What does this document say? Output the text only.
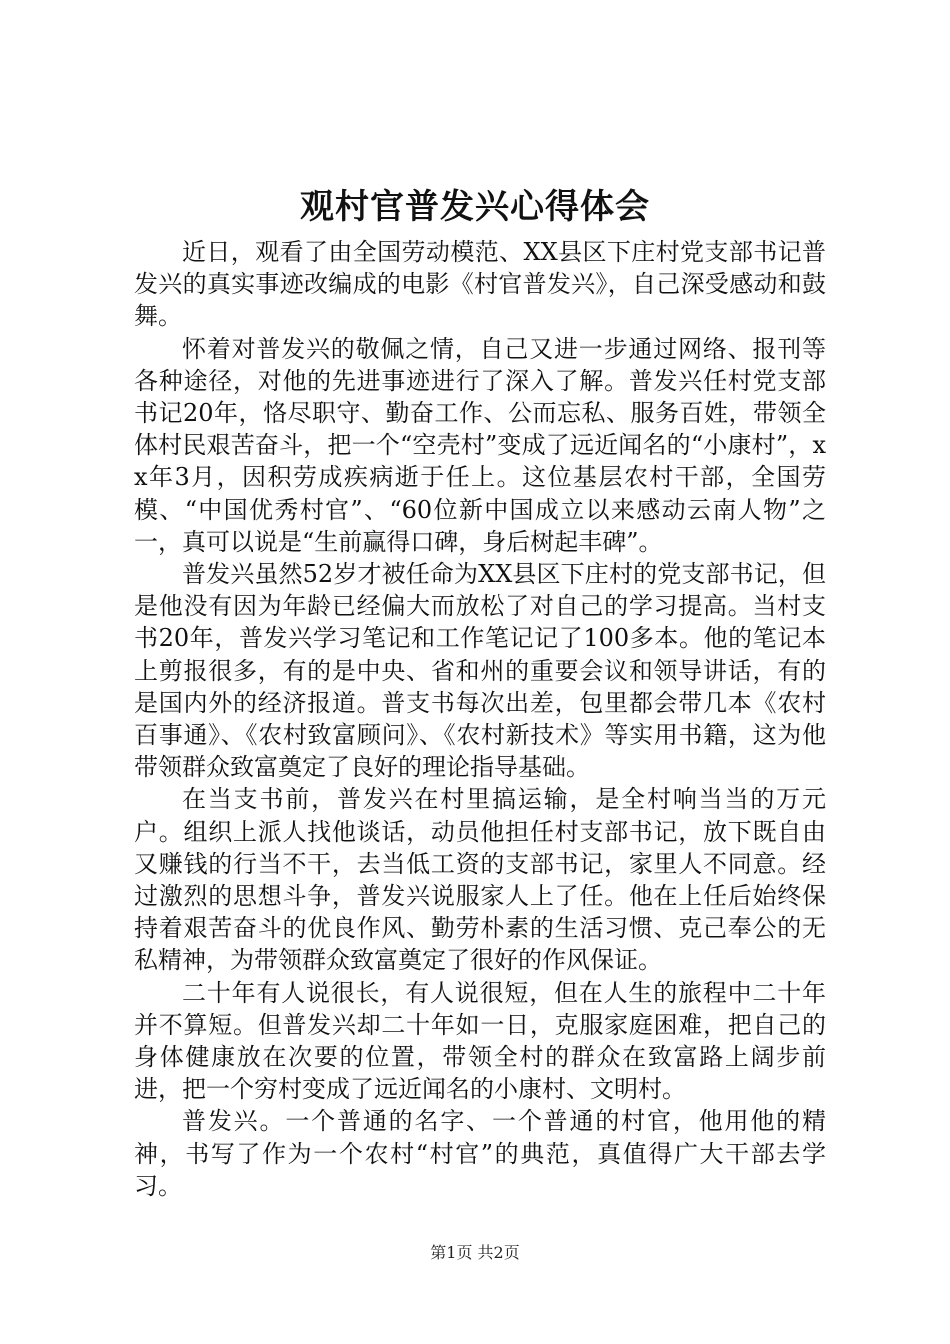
观村官普发兴心得体会

近日，观看了由全国劳动模范、XX县区下庄村党支部书记普发兴的真实事迹改编成的电影《村官普发兴》，自己深受感动和鼓舞。

怀着对普发兴的敬佩之情，自己又进一步通过网络、报刊等各种途径，对他的先进事迹进行了深入了解。普发兴任村党支部书记20年，恪尽职守、勤奋工作、公而忘私、服务百姓，带领全体村民艰苦奋斗，把一个“空壳村”变成了远近闻名的“小康村”，xx年3月，因积劳成疾病逝于任上。这位基层农村干部，全国劳模、“中国优秀村官”、“60位新中国成立以来感动云南人物”之一，真可以说是“生前赢得口碑，身后树起丰碑”。

普发兴虽然52岁才被任命为XX县区下庄村的党支部书记，但是他没有因为年龄已经偏大而放松了对自己的学习提高。当村支书20年，普发兴学习笔记和工作笔记记了100多本。他的笔记本上剪报很多，有的是中央、省和州的重要会议和领导讲话，有的是国内外的经济报道。普支书每次出差，包里都会带几本《农村百事通》、《农村致富顾问》、《农村新技术》等实用书籍，这为他带领群众致富奠定了良好的理论指导基础。

在当支书前，普发兴在村里搞运输，是全村响当当的万元户。组织上派人找他谈话，动员他担任村支部书记，放下既自由又赚钱的行当不干，去当低工资的支部书记，家里人不同意。经过激烈的思想斗争，普发兴说服家人上了任。他在上任后始终保持着艰苦奋斗的优良作风、勤劳朴素的生活习惯、克己奉公的无私精神，为带领群众致富奠定了很好的作风保证。

二十年有人说很长，有人说很短，但在人生的旅程中二十年并不算短。但普发兴却二十年如一日，克服家庭困难，把自己的身体健康放在次要的位置，带领全村的群众在致富路上阔步前进，把一个穷村变成了远近闻名的小康村、文明村。

普发兴。一个普通的名字、一个普通的村官，他用他的精神，书写了作为一个农村“村官”的典范，真值得广大干部去学习。

第1页 共2页
